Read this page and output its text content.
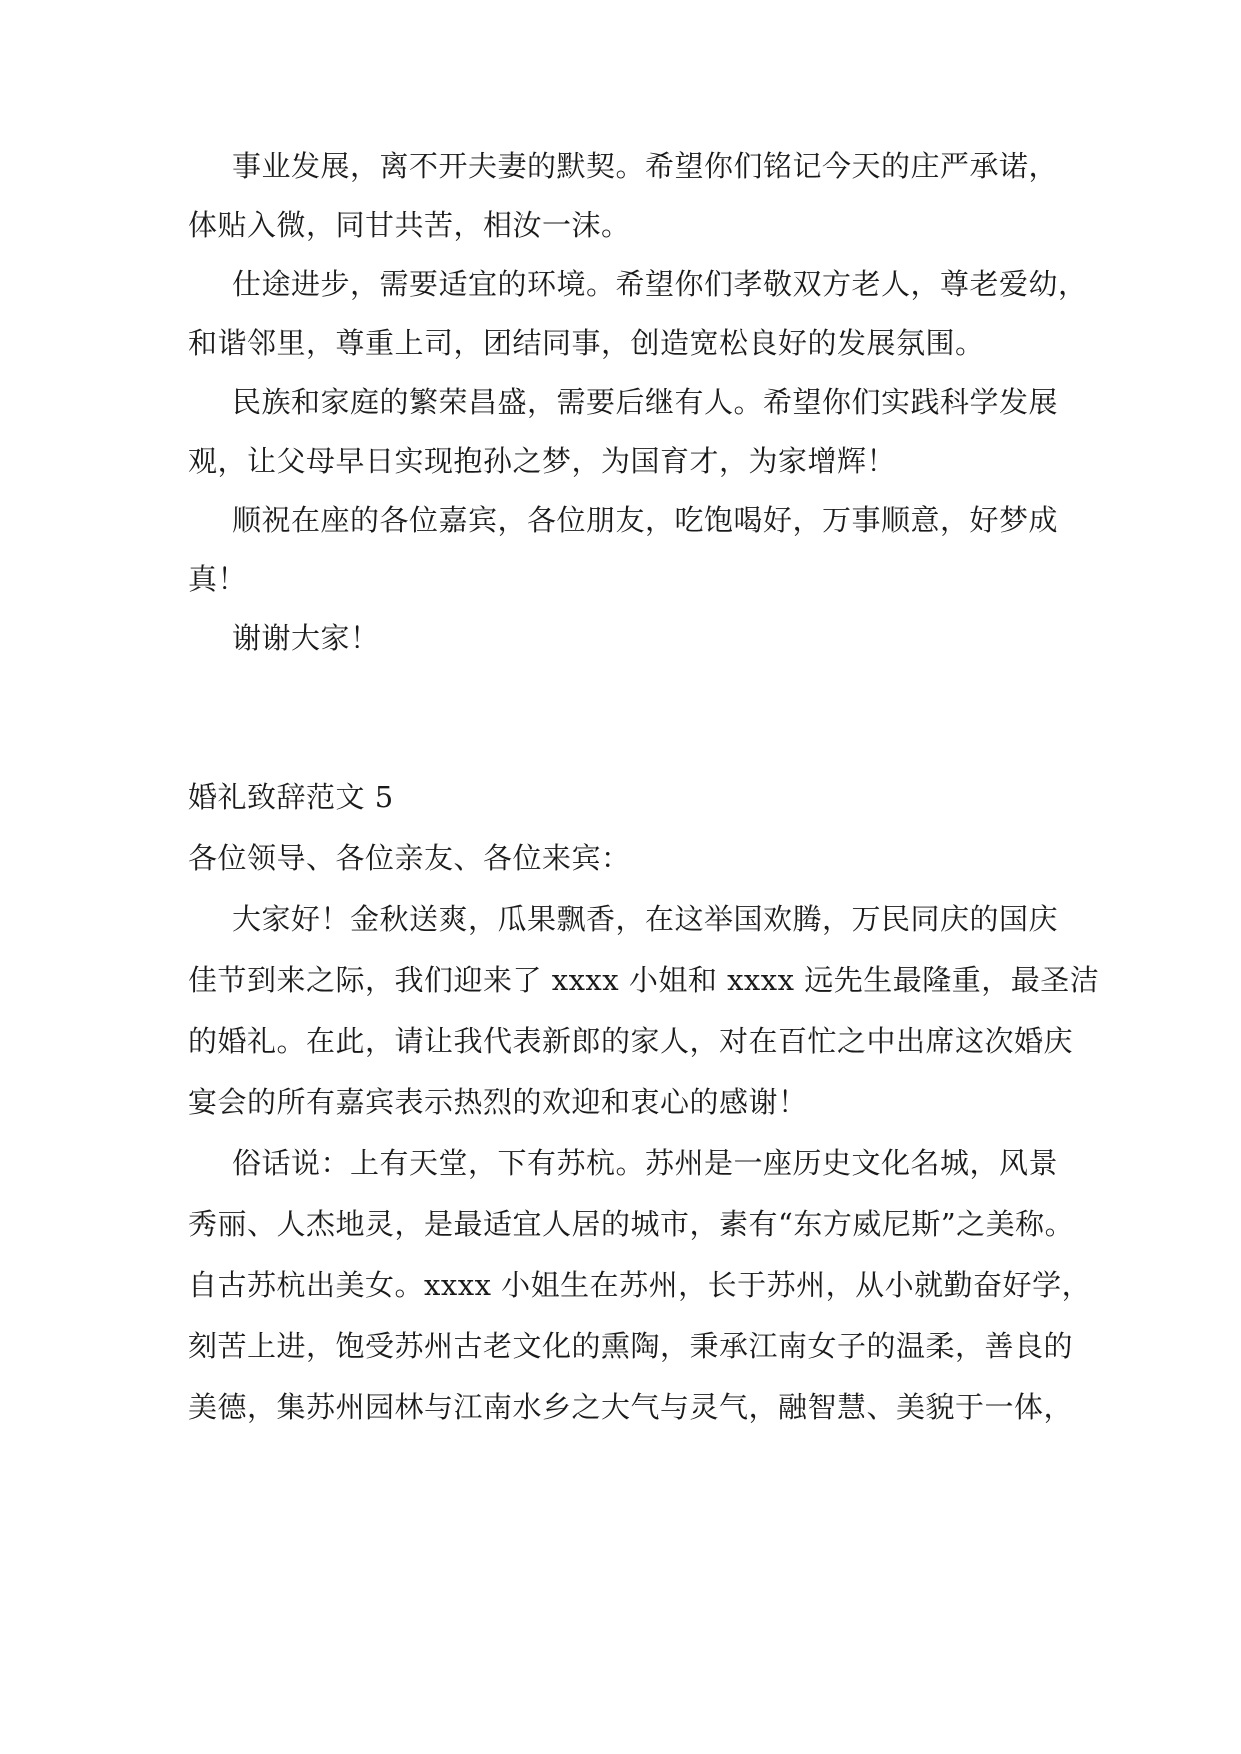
事业发展，离不开夫妻的默契。希望你们铭记今天的庄严承诺，
体贴入微，同甘共苦，相汝一沫。
仕途进步，需要适宜的环境。希望你们孝敬双方老人，尊老爱幼，
和谐邻里，尊重上司，团结同事，创造宽松良好的发展氛围。
民族和家庭的繁荣昌盛，需要后继有人。希望你们实践科学发展
观，让父母早日实现抱孙之梦，为国育才，为家增辉！
顺祝在座的各位嘉宾，各位朋友，吃饱喝好，万事顺意，好梦成
真！
谢谢大家！
婚礼致辞范文 5
各位领导、各位亲友、各位来宾：
大家好！金秋送爽，瓜果飘香，在这举国欢腾，万民同庆的国庆
佳节到来之际，我们迎来了 xxxx 小姐和 xxxx 远先生最隆重，最圣洁
的婚礼。在此，请让我代表新郎的家人，对在百忙之中出席这次婚庆
宴会的所有嘉宾表示热烈的欢迎和衷心的感谢！
俗话说：上有天堂，下有苏杭。苏州是一座历史文化名城，风景
秀丽、人杰地灵，是最适宜人居的城市，素有“东方威尼斯”之美称。
自古苏杭出美女。xxxx 小姐生在苏州，长于苏州，从小就勤奋好学，
刻苦上进，饱受苏州古老文化的熏陶，秉承江南女子的温柔，善良的
美德，集苏州园林与江南水乡之大气与灵气，融智慧、美貌于一体，
